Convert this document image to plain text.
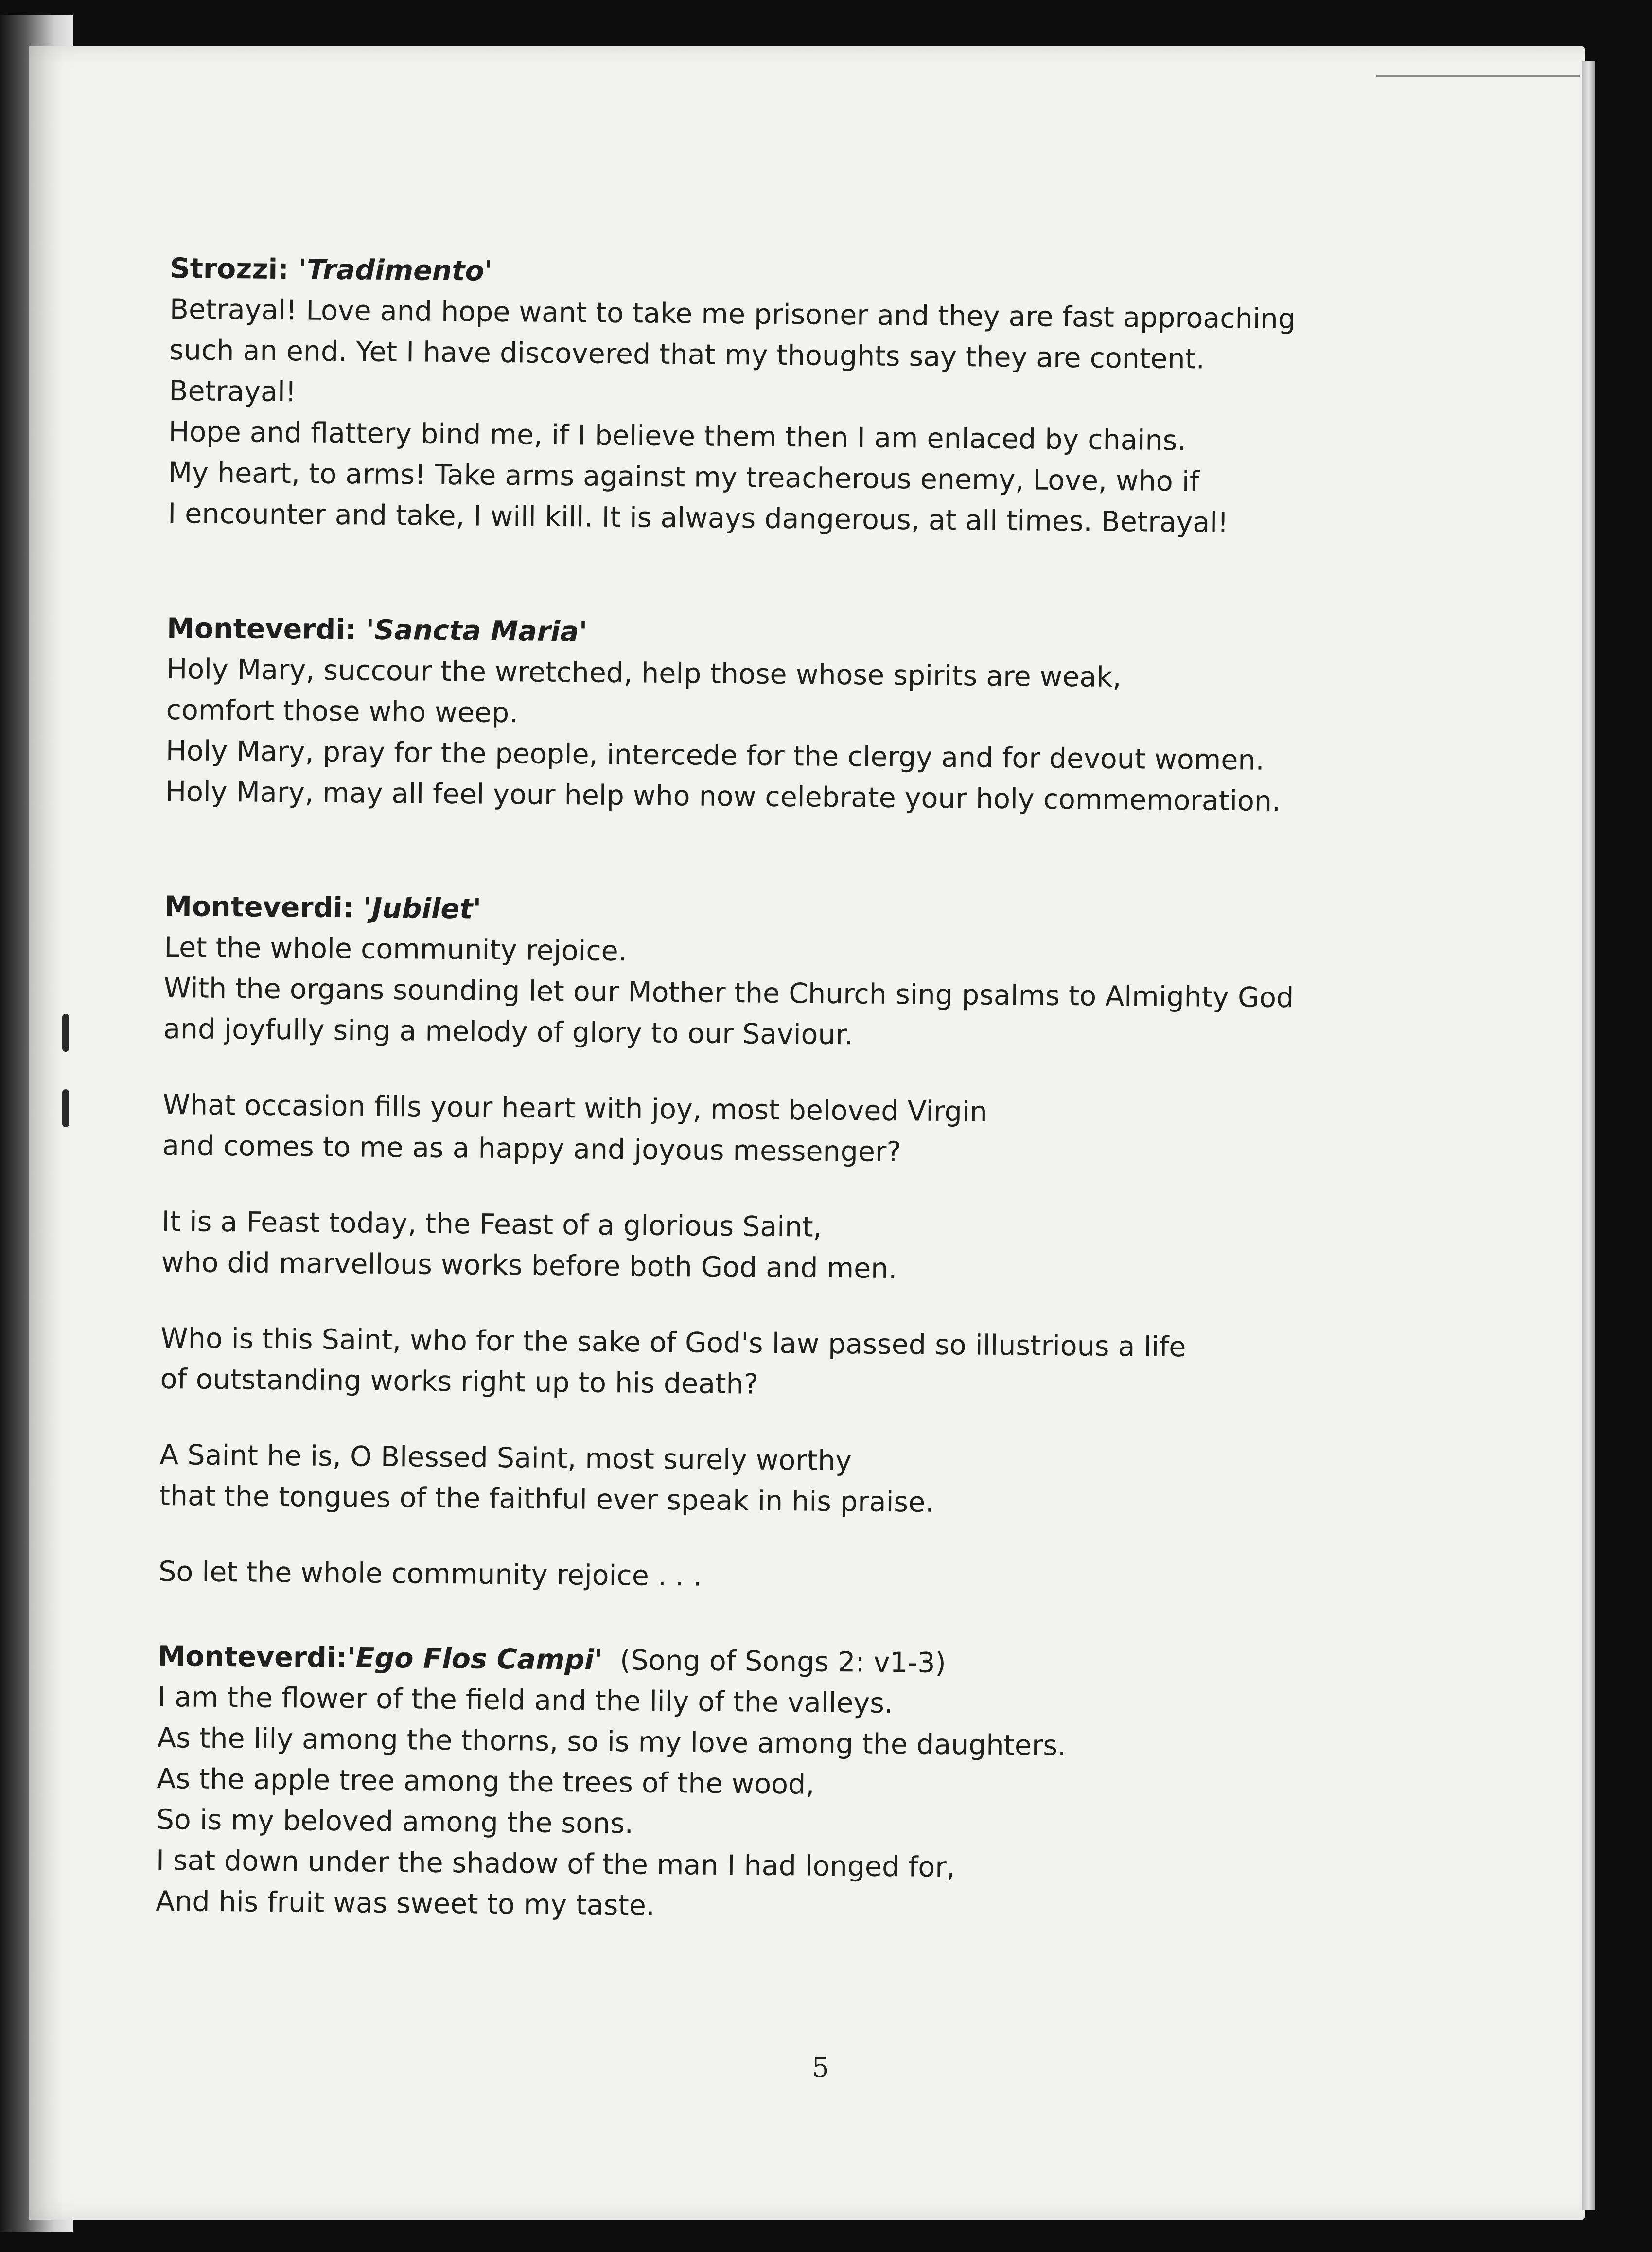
Strozzi: 'Tradimento'
Betrayal! Love and hope want to take me prisoner and they are fast approaching
such an end. Yet I have discovered that my thoughts say they are content.
Betrayal!
Hope and flattery bind me, if I believe them then I am enlaced by chains.
My heart, to arms! Take arms against my treacherous enemy, Love, who if
I encounter and take, I will kill. It is always dangerous, at all times. Betrayal!
Monteverdi: 'Sancta Maria'
Holy Mary, succour the wretched, help those whose spirits are weak,
comfort those who weep.
Holy Mary, pray for the people, intercede for the clergy and for devout women.
Holy Mary, may all feel your help who now celebrate your holy commemoration.
Monteverdi: 'Jubilet'
Let the whole community rejoice.
With the organs sounding let our Mother the Church sing psalms to Almighty God
and joyfully sing a melody of glory to our Saviour.
What occasion fills your heart with joy, most beloved Virgin
and comes to me as a happy and joyous messenger?
It is a Feast today, the Feast of a glorious Saint,
who did marvellous works before both God and men.
Who is this Saint, who for the sake of God's law passed so illustrious a life
of outstanding works right up to his death?
A Saint he is, O Blessed Saint, most surely worthy
that the tongues of the faithful ever speak in his praise.
So let the whole community rejoice . . .
Monteverdi:'Ego Flos Campi' (Song of Songs 2: v1-3)
I am the flower of the field and the lily of the valleys.
As the lily among the thorns, so is my love among the daughters.
As the apple tree among the trees of the wood,
So is my beloved among the sons.
I sat down under the shadow of the man I had longed for,
And his fruit was sweet to my taste.
5
